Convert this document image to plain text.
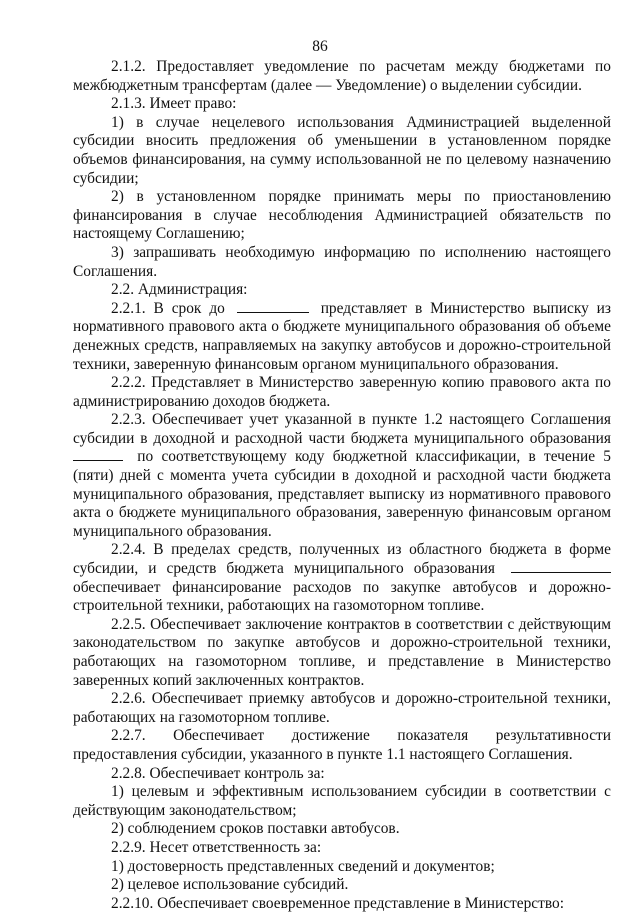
86

2.1.2. Предоставляет уведомление по расчетам между бюджетами по межбюджетным трансфертам (далее — Уведомление) о выделении субсидии.

2.1.3. Имеет право:

1) в случае нецелевого использования Администрацией выделенной субсидии вносить предложения об уменьшении в установленном порядке объемов финансирования, на сумму использованной не по целевому назначению субсидии;

2) в установленном порядке принимать меры по приостановлению финансирования в случае несоблюдения Администрацией обязательств по настоящему Соглашению;

3) запрашивать необходимую информацию по исполнению настоящего Соглашения.

2.2. Администрация:

2.2.1. В срок до	представляет в Министерство выписку из нормативного правового акта о бюджете муниципального образования об объеме денежных средств, направляемых на закупку автобусов и дорожно-строительной техники, заверенную финансовым органом муниципального образования.

2.2.2. Представляет в Министерство заверенную копию правового акта по администрированию доходов бюджета.

2.2.3. Обеспечивает учет указанной в пункте 1.2 настоящего Соглашения субсидии в доходной и расходной части бюджета муниципального образования  по соответствующему коду бюджетной классификации, в течение 5 (пяти) дней с момента учета субсидии в доходной и расходной части бюджета муниципального образования, представляет выписку из нормативного правового акта о бюджете муниципального образования, заверенную финансовым органом муниципального образования.

2.2.4. В пределах средств, полученных из областного бюджета в форме субсидии, и средств бюджета муниципального образования  обеспечивает финансирование расходов по закупке автобусов и дорожно-строительной техники, работающих на газомоторном топливе.

2.2.5. Обеспечивает заключение контрактов в соответствии с действующим законодательством по закупке автобусов и дорожно-строительной техники, работающих на газомоторном топливе, и представление в Министерство заверенных копий заключенных контрактов.

2.2.6. Обеспечивает приемку автобусов и дорожно-строительной техники, работающих на газомоторном топливе.

2.2.7. Обеспечивает достижение показателя результативности предоставления субсидии, указанного в пункте 1.1 настоящего Соглашения.

2.2.8. Обеспечивает контроль за:

1) целевым и эффективным использованием субсидии в соответствии с действующим законодательством;

2) соблюдением сроков поставки автобусов.

2.2.9. Несет ответственность за:

1) достоверность представленных сведений и документов;

2) целевое использование субсидий.

2.2.10. Обеспечивает своевременное представление в Министерство:
